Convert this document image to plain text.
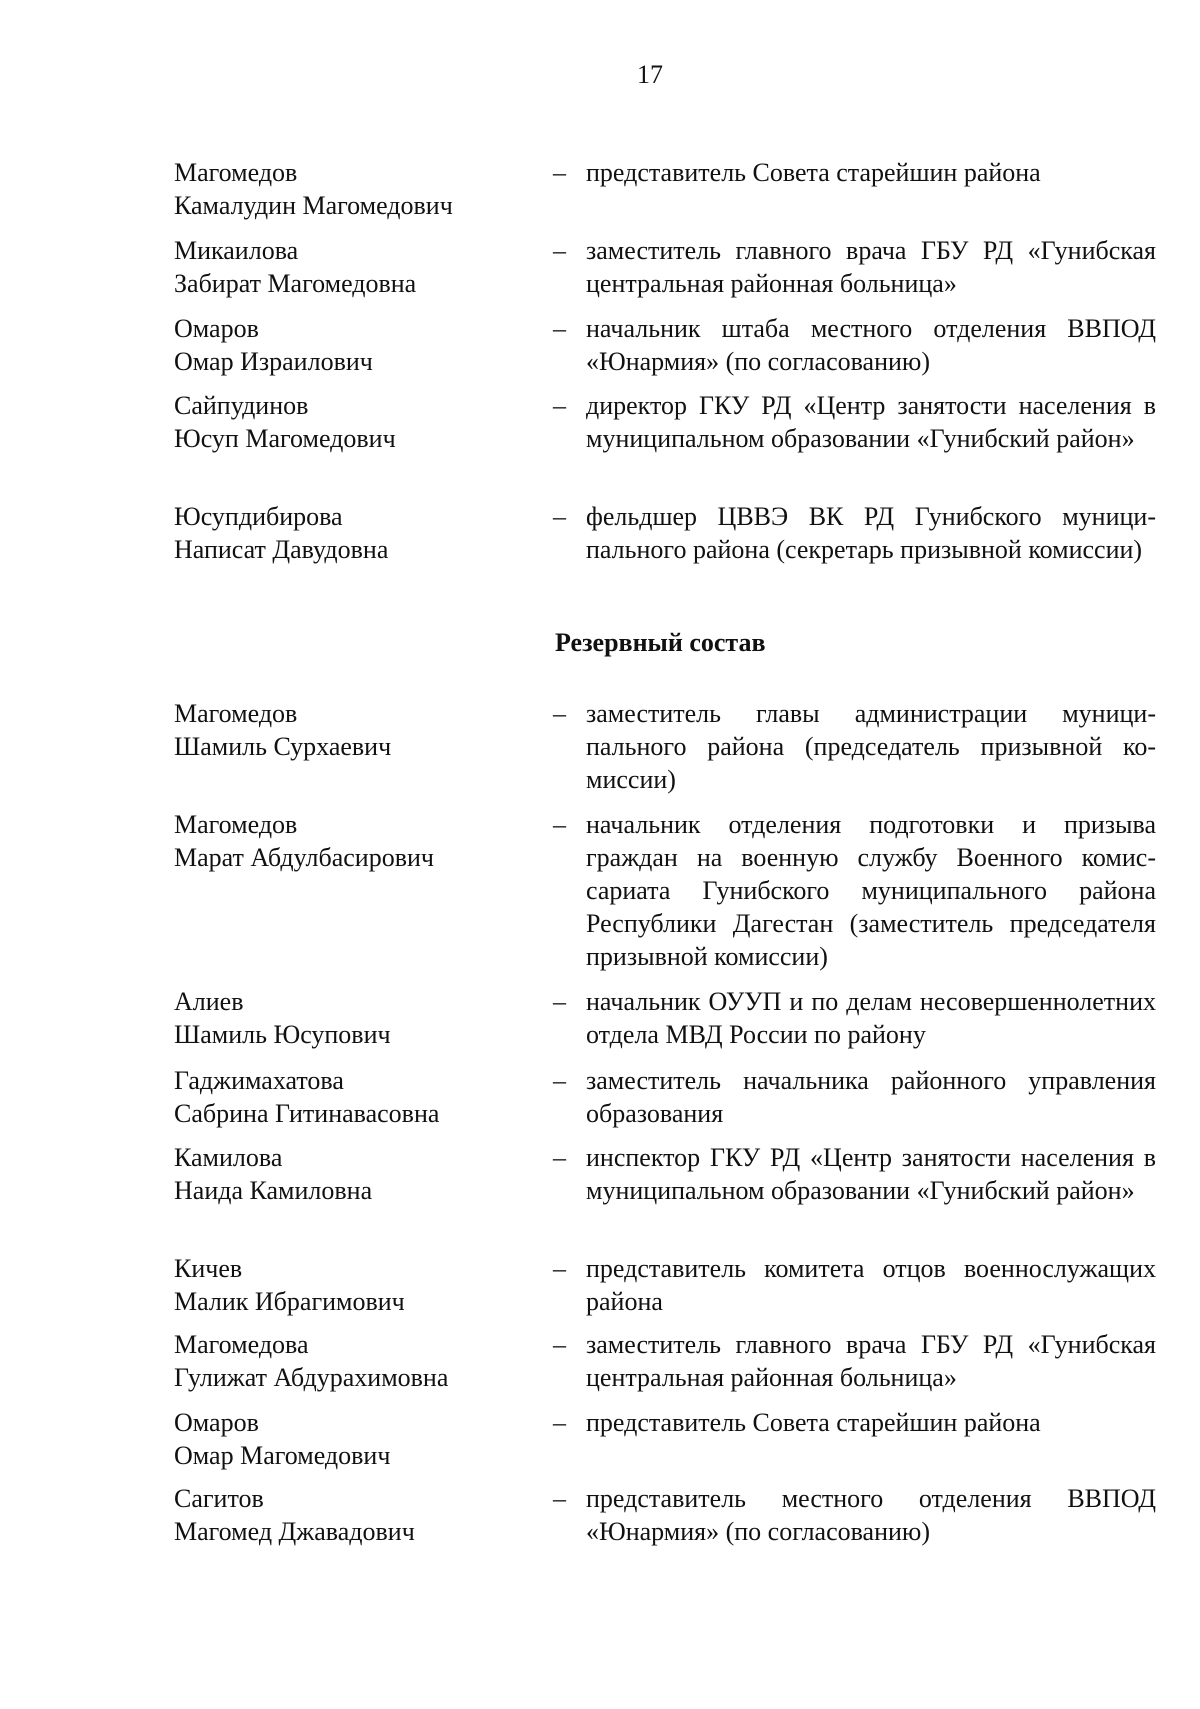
17
Магомедов
Камалудин Магомедович
– представитель Совета старейшин района
Микаилова
Забират Магомедовна
– заместитель главного врача ГБУ РД «Гунибская центральная районная больница»
Омаров
Омар Израилович
– начальник штаба местного отделения ВВПОД «Юнармия» (по согласованию)
Сайпудинов
Юсуп Магомедович
– директор ГКУ РД «Центр занятости населения в муниципальном образовании «Гунибский район»
Юсупдибирова
Написат Давудовна
– фельдшер ЦВВЭ ВК РД Гунибского муниципального района (секретарь призывной комиссии)
Резервный состав
Магомедов
Шамиль Сурхаевич
– заместитель главы администрации муниципального района (председатель призывной комиссии)
Магомедов
Марат Абдулбасирович
– начальник отделения подготовки и призыва граждан на военную службу Военного комиссариата Гунибского муниципального района Республики Дагестан (заместитель председателя призывной комиссии)
Алиев
Шамиль Юсупович
– начальник ОУУП и по делам несовершеннолетних отдела МВД России по району
Гаджимахатова
Сабрина Гитинавасовна
– заместитель начальника районного управления образования
Камилова
Наида Камиловна
– инспектор ГКУ РД «Центр занятости населения в муниципальном образовании «Гунибский район»
Кичев
Малик Ибрагимович
– представитель комитета отцов военнослужащих района
Магомедова
Гулижат Абдурахимовна
– заместитель главного врача ГБУ РД «Гунибская центральная районная больница»
Омаров
Омар Магомедович
– представитель Совета старейшин района
Сагитов
Магомед Джавадович
– представитель местного отделения ВВПОД «Юнармия» (по согласованию)
